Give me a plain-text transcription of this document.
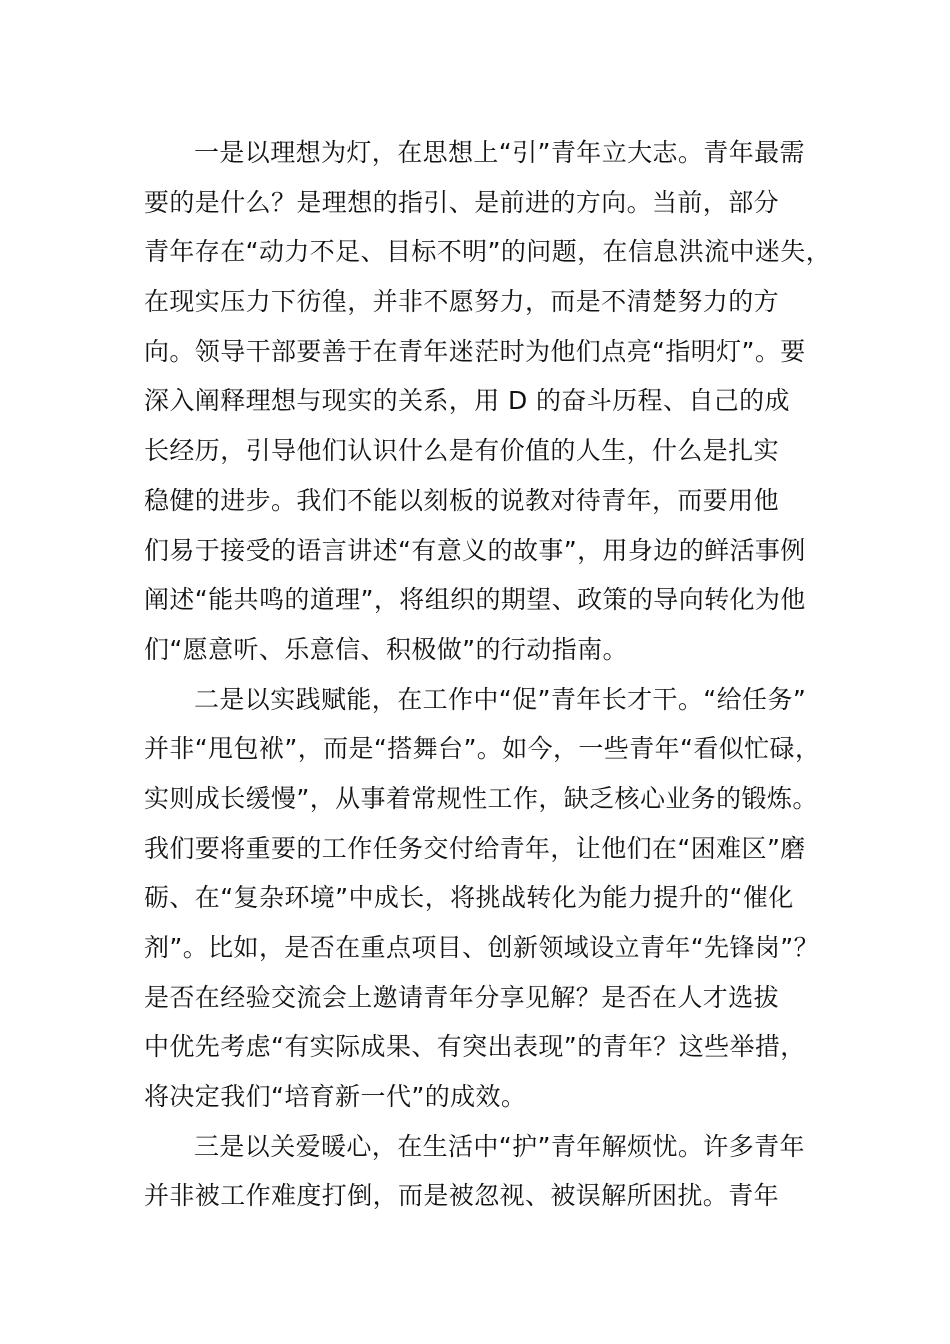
一是以理想为灯，在思想上“引”青年立大志。青年最需
要的是什么？是理想的指引、是前进的方向。当前，部分
青年存在“动力不足、目标不明”的问题，在信息洪流中迷失，
在现实压力下彷徨，并非不愿努力，而是不清楚努力的方
向。领导干部要善于在青年迷茫时为他们点亮“指明灯”。要
深入阐释理想与现实的关系，用 D 的奋斗历程、自己的成
长经历，引导他们认识什么是有价值的人生，什么是扎实
稳健的进步。我们不能以刻板的说教对待青年，而要用他
们易于接受的语言讲述“有意义的故事”，用身边的鲜活事例
阐述“能共鸣的道理”，将组织的期望、政策的导向转化为他
们“愿意听、乐意信、积极做”的行动指南。
二是以实践赋能，在工作中“促”青年长才干。“给任务”
并非“甩包袱”，而是“搭舞台”。如今，一些青年“看似忙碌，
实则成长缓慢”，从事着常规性工作，缺乏核心业务的锻炼。
我们要将重要的工作任务交付给青年，让他们在“困难区”磨
砺、在“复杂环境”中成长，将挑战转化为能力提升的“催化
剂”。比如，是否在重点项目、创新领域设立青年“先锋岗”？
是否在经验交流会上邀请青年分享见解？是否在人才选拔
中优先考虑“有实际成果、有突出表现”的青年？这些举措，
将决定我们“培育新一代”的成效。
三是以关爱暖心，在生活中“护”青年解烦忧。许多青年
并非被工作难度打倒，而是被忽视、被误解所困扰。青年
